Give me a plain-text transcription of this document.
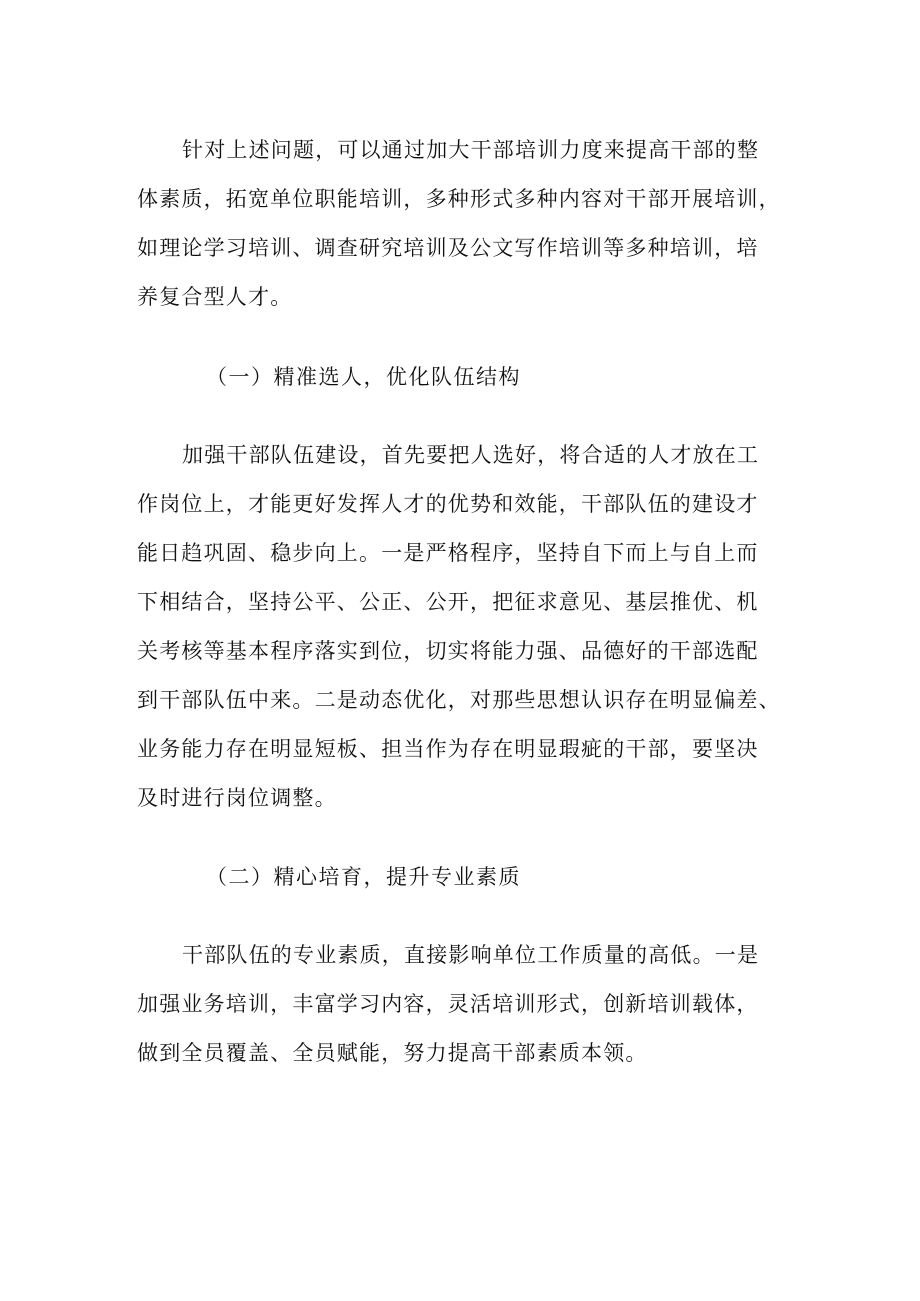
针对上述问题，可以通过加大干部培训力度来提高干部的整
体素质，拓宽单位职能培训，多种形式多种内容对干部开展培训，
如理论学习培训、调查研究培训及公文写作培训等多种培训，培
养复合型人才。
（一）精准选人，优化队伍结构
加强干部队伍建设，首先要把人选好，将合适的人才放在工
作岗位上，才能更好发挥人才的优势和效能，干部队伍的建设才
能日趋巩固、稳步向上。一是严格程序，坚持自下而上与自上而
下相结合，坚持公平、公正、公开，把征求意见、基层推优、机
关考核等基本程序落实到位，切实将能力强、品德好的干部选配
到干部队伍中来。二是动态优化，对那些思想认识存在明显偏差、
业务能力存在明显短板、担当作为存在明显瑕疵的干部，要坚决
及时进行岗位调整。
（二）精心培育，提升专业素质
干部队伍的专业素质，直接影响单位工作质量的高低。一是
加强业务培训，丰富学习内容，灵活培训形式，创新培训载体，
做到全员覆盖、全员赋能，努力提高干部素质本领。
